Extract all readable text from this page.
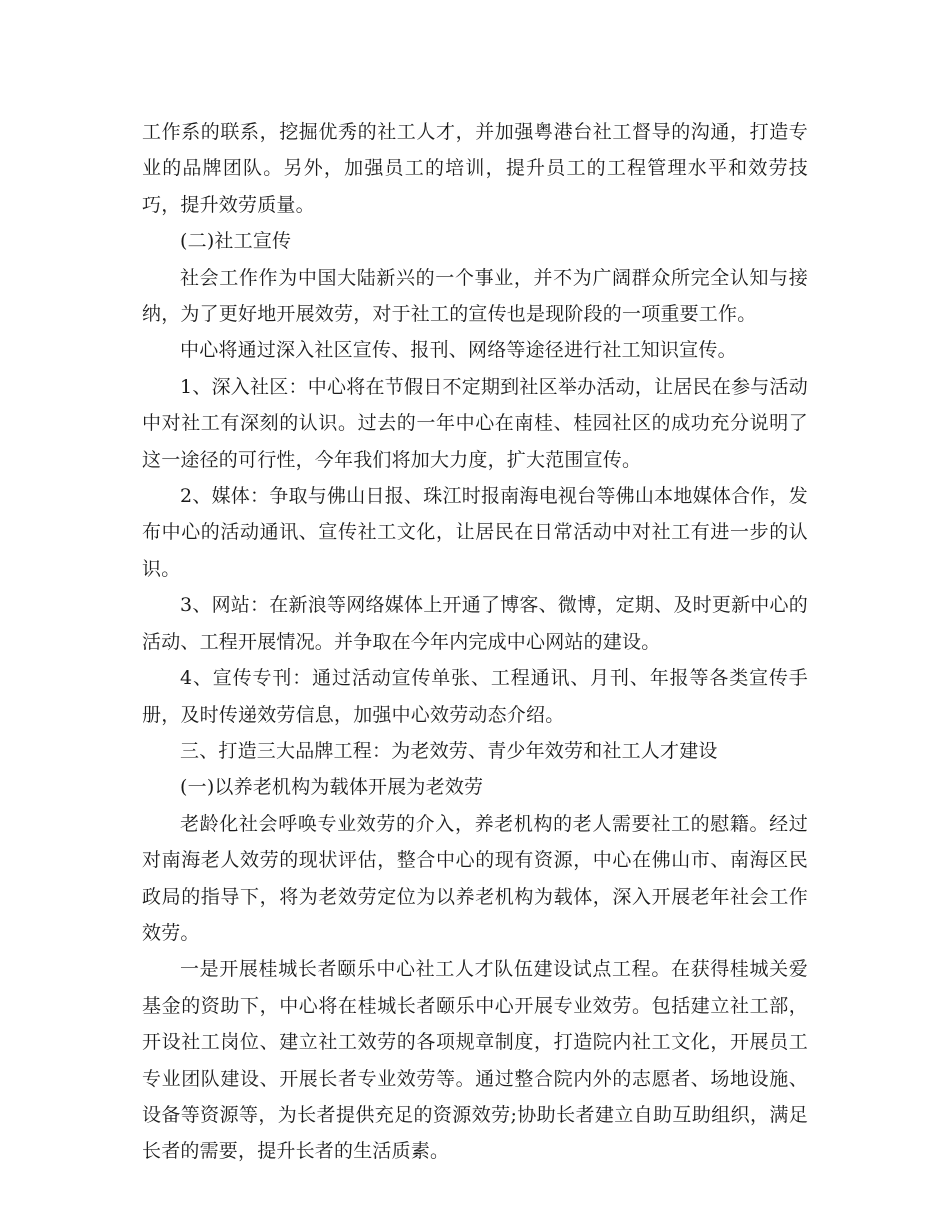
工作系的联系，挖掘优秀的社工人才，并加强粤港台社工督导的沟通，打造专业的品牌团队。另外，加强员工的培训，提升员工的工程管理水平和效劳技巧，提升效劳质量。

(二)社工宣传

社会工作作为中国大陆新兴的一个事业，并不为广阔群众所完全认知与接纳，为了更好地开展效劳，对于社工的宣传也是现阶段的一项重要工作。

中心将通过深入社区宣传、报刊、网络等途径进行社工知识宣传。

1、深入社区：中心将在节假日不定期到社区举办活动，让居民在参与活动中对社工有深刻的认识。过去的一年中心在南桂、桂园社区的成功充分说明了这一途径的可行性，今年我们将加大力度，扩大范围宣传。

2、媒体：争取与佛山日报、珠江时报南海电视台等佛山本地媒体合作，发布中心的活动通讯、宣传社工文化，让居民在日常活动中对社工有进一步的认识。

3、网站：在新浪等网络媒体上开通了博客、微博，定期、及时更新中心的活动、工程开展情况。并争取在今年内完成中心网站的建设。

4、宣传专刊：通过活动宣传单张、工程通讯、月刊、年报等各类宣传手册，及时传递效劳信息，加强中心效劳动态介绍。

三、打造三大品牌工程：为老效劳、青少年效劳和社工人才建设

(一)以养老机构为载体开展为老效劳

老龄化社会呼唤专业效劳的介入，养老机构的老人需要社工的慰籍。经过对南海老人效劳的现状评估，整合中心的现有资源，中心在佛山市、南海区民政局的指导下，将为老效劳定位为以养老机构为载体，深入开展老年社会工作效劳。

一是开展桂城长者颐乐中心社工人才队伍建设试点工程。在获得桂城关爱基金的资助下，中心将在桂城长者颐乐中心开展专业效劳。包括建立社工部，开设社工岗位、建立社工效劳的各项规章制度，打造院内社工文化，开展员工专业团队建设、开展长者专业效劳等。通过整合院内外的志愿者、场地设施、设备等资源等，为长者提供充足的资源效劳;协助长者建立自助互助组织，满足长者的需要，提升长者的生活质素。
